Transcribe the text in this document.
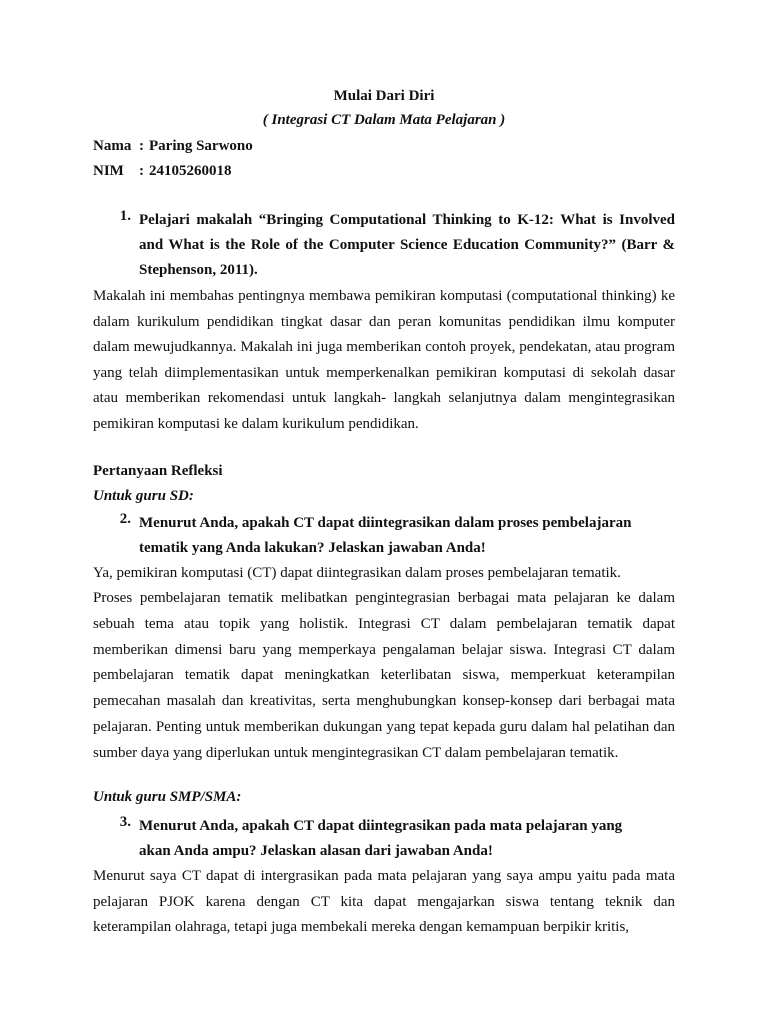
Mulai Dari Diri
( Integrasi CT Dalam Mata Pelajaran )
Nama : Paring Sarwono
NIM	: 24105260018
1. Pelajari makalah “Bringing Computational Thinking to K-12: What is Involved and What is the Role of the Computer Science Education Community?” (Barr & Stephenson, 2011).
Makalah ini membahas pentingnya membawa pemikiran komputasi (computational thinking) ke dalam kurikulum pendidikan tingkat dasar dan peran komunitas pendidikan ilmu komputer dalam mewujudkannya. Makalah ini juga memberikan contoh proyek, pendekatan, atau program yang telah diimplementasikan untuk memperkenalkan pemikiran komputasi di sekolah dasar atau memberikan rekomendasi untuk langkah- langkah selanjutnya dalam mengintegrasikan pemikiran komputasi ke dalam kurikulum pendidikan.
Pertanyaan Refleksi
Untuk guru SD:
2. Menurut Anda, apakah CT dapat diintegrasikan dalam proses pembelajaran tematik yang Anda lakukan? Jelaskan jawaban Anda!
Ya, pemikiran komputasi (CT) dapat diintegrasikan dalam proses pembelajaran tematik.
Proses pembelajaran tematik melibatkan pengintegrasian berbagai mata pelajaran ke dalam sebuah tema atau topik yang holistik. Integrasi CT dalam pembelajaran tematik dapat memberikan dimensi baru yang memperkaya pengalaman belajar siswa. Integrasi CT dalam pembelajaran tematik dapat meningkatkan keterlibatan siswa, memperkuat keterampilan pemecahan masalah dan kreativitas, serta menghubungkan konsep-konsep dari berbagai mata pelajaran. Penting untuk memberikan dukungan yang tepat kepada guru dalam hal pelatihan dan sumber daya yang diperlukan untuk mengintegrasikan CT dalam pembelajaran tematik.
Untuk guru SMP/SMA:
3. Menurut Anda, apakah CT dapat diintegrasikan pada mata pelajaran yang akan Anda ampu? Jelaskan alasan dari jawaban Anda!
Menurut saya CT dapat di intergrasikan pada mata pelajaran yang saya ampu yaitu pada mata pelajaran PJOK karena dengan CT kita dapat mengajarkan siswa tentang teknik dan keterampilan olahraga, tetapi juga membekali mereka dengan kemampuan berpikir kritis,
